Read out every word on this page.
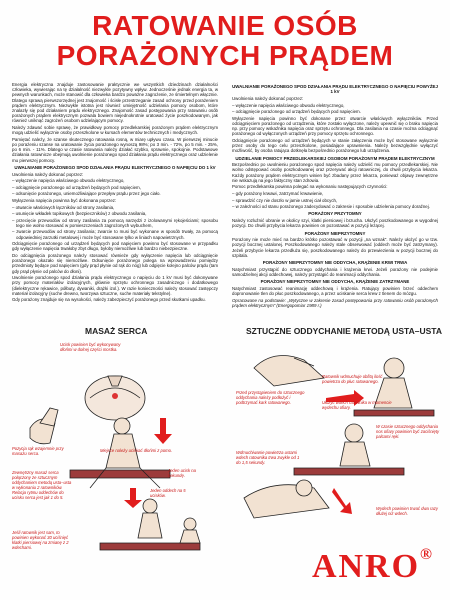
RATOWANIE OSÓB
PORAŻONYCH PRĄDEM

Energia elektryczna znajduje zastosowanie praktycznie we wszystkich dziedzinach działalności człowieka, wywierając na tę działalność niezwykle pozytywny wpływ. Jednocześnie jednak energia ta, w pewnych warunkach, może stanowić dla człowieka bardzo poważne zagrożenie, ze śmiertelnym włącznie. Dlatego sprawą pierwszorzędnej jest znajomość i ścisłe przestrzeganie zasad ochrony przed porażeniem prądem elektrycznym. Niezwykle istotna jest również umiejętność udzielania pomocy osobom, które znalazły się pod działaniem prądu elektrycznego. Znajomość zasad postępowania przy ratowaniu osób porażonych prądem elektrycznym pozwala bowiem niejednokrotnie uratować życie poszkodowanym, jak również uniknąć zagrożeń osobom udzielającym pomocy.

Należy zdawać sobie sprawę, że prawidłowy pomocy przedlekarskiej porażonym prądem elektrycznym mogą udzielić wyłącznie osoby przeszkolone w kursach elementów technicznych i medycznych.

Pamiętać należy, że szanse skutecznego ratowania rosną, w miarę upływu czasu. W pierwszej minucie po porażeniu szanse na uratowanie życia porażonego wynoszą 98%; po 3 min. - 72%, po 5 min. - 25%, po 6 min. - 11%. Dlatego w czasie ratowania należy działać szybko, sprawnie, spokojnie. Podstawowe działania ratownicze obejmują uwolnienie porażonego spod działania prądu elektrycznego oraz udzielenie mu pierwszej pomocy.

UWALNIANIE PORAŻONEGO SPOD DZIAŁANIA PRĄDU ELEKTRYCZNEGO O NAPIĘCIU DO 1 kV

Uwolnienia należy dokonać poprzez:

– wyłączenie napięcia właściwego obwodu elektrycznego,

– odciągnięcie porażonego od urządzeń będących pod napięciem,

– odsunięcie porażonego, uniemożliwiające przepływ prądu przez jego ciało.

Wyłączenia napięcia powinna być dokonana poprzez:

– otwarcie właściwych łączników od strony zasilania,

– usunięcie wkładek topikowych (bezpieczników) z obwodu zasilania,

– przecięcie przewodów od strony zasilania za pomocą narzędzi z izolowanymi rękojeściami; sposobu tego nie wolno stosować w pomieszczeniach zagrożonych wybuchem,

– zwarcie przewodów od strony zasilania; zwarcie to musi być wykonane w sposób trwały, za pomocą odpowiedniej zarzutki metalowej i może być stosowane tylko w liniach napowietrznych.

Odciągnięcie porażonego od urządzeń będących pod napięciem powinno być stosowane w przypadku gdy wyłączenie napięcia trwałoby zbyt długo, byłoby niemożliwe lub bardzo niebezpieczne.

Do odciągnięcia porażonego należy stosować równieże gdy wyłączenie napięcia lub odciągnięcie porażonego okazało się niemożliwe. Odsunięcie porażonego polega na wprowadzeniu pomiędzy przedmioty będące pod napięciem (gdy prąd płynie od rąk do nóg) lub odgięcie kolejno palców prądu (tam gdy prąd płynie od palców do dłoni).

Uwolnienie porażonego spod działania prądu elektrycznego o napięciu do 1 kV musi być dokonywane przy pomocy materiałów izolacyjnych, głównie sprzętu ochronnego zasadniczego i dodatkowego (dielektryczne rękawice, półbuty, dywaniki, drążki izol.). W razie konieczności należy stosować zastępczy materiał izolacyjny (suche drewno, tworzywa sztuczne, suche materiały tekstylne).

Gdy porażony znajduje się na wysokości, należy zabezpieczyć porażonego przed skutkami upadku.

UWALNIANIE PORAŻONEGO SPOD DZIAŁANIA PRĄDU ELEKTRYCZNEGO O NAPIĘCIU POWYŻEJ 1 kV

Uwolnienia należy dokonać poprzez:

– wyłączenie napięcia właściwego obwodu elektrycznego,

– odciągnięcie porażonego od urządzeń będących pod napięciem.

Wyłączenie napięcia powinno być dokonane przez otwarcie właściwych wyłączników. Przed odciągnięciem porażonego od urządzenia, które zostało wyłączone, należy upewnić się o braku napięcia np. przy pomocy wskaźnika napięcia oraz sprzętu ochronnego. Dla zasilania na czasie można odciągnąć porażonego od wyłączonych urządzeń przy pomocy sprzętu ochronnego.

Odciągnięcie porażonego od urządzeń będących w stanie załączenia może być stosowane wyłącznie przez osoby do tego celu przeszkolone, posiadające uprawnienia. Należy bezwzględnie wyłączyć możliwość, by osoba ratująca dotknęła bezpośrednio porażonego lub urządzenia.

UDZIELANIE POMOCY PRZEDLEKARSKIEJ OSOBOM PORAŻONYM PRĄDEM ELEKTRYCZNYM

Bezpośrednio po uwolnieniu porażonego spod napięcia należy udzielić mu pomocy przedlekarskiej. Nie wolno odstępować osoby poszkodowanej oraz przerywać akcji ratowniczej, do chwili przybycia lekarza. Każdy porażony prądem elektrycznym winien być zbadany przez lekarza, ponieważ objawy zewnętrzne nie wskazują na jego faktyczny stan zdrowia.

Pomoc przedlekarska powinna polegać na wykonaniu następujących czynności:

– gdy porażony krwawi, zatrzymać krwawienie,

– sprawdzić czy nie doszło w jamie ustnej ciał obcych,

– w zależności od stanu porażonego zadecydować o zakresie i sposobie udzielenia pomocy doraźnej.

PORAŻONY PRZYTOMNY

Należy rozluźnić ubranie w okolicy szyi, klatki piersiowej i brzucha. Ułożyć poszkodowanego w wygodnej pozycji. Do chwili przybycia lekarza powinien on pozostawać w pozycji leżącej.

PORAŻONY NIEPRZYTOMNY

Porażony nie może mieć na bardzo krótko pozostawać w pozycji „na wznak”. Należy ułożyć go w tzw. pozycji bocznej ustalonej. Poszkodowanego należy stale obserwować (oddech może być zatrzymany). Jeżeli przybycie lekarza przedłuża się, poszkodowanego należy do przewiezienia w pozycji bocznej do szpitala.

PORAŻONY NIEPRZYTOMNY NIE ODDYCHA, KRĄŻENIE KRWI TRWA

Natychmiast przystąpić do sztucznego oddychania i krążenia krwi. Jeżeli porażony nie podejmie samodzielnej akcji oddechowej, należy przystąpić do reanimacji oddychania.

PORAŻONY NIEPRZYTOMNY NIE ODDYCHA, KRĄŻENIE ZATRZYMANE

Natychmiast zastosować reanimację oddechową i krążenia. Ratujący powinien brzeć oddechem dopronowanie tlen do płuc poszkodowanego, a przez uciskanie serca krew z tlenem do mózgu.

Opracowane na podstawie: „Wytyczne w zakresie zasad postępowania przy ratowaniu osób porażonych prądem elektrycznym” (Energopomiar 1989 r.)

MASAŻ SERCA	SZTUCZNE ODDYCHANIE METODĄ USTA–USTA
Ucisk powinien być wykonywany dłońmi w dolnej części mostka.
Pozycja rąk wzajemnie przy masażu serca.
Miejsce należy uciskać dłońmi z pomo.
Jeden ucisk na sekundę.
Zewnętrzny masaż serca połączony ze sztucznym oddychaniem metodą usta–usta w wykonaniu 2 ratowników. Relacja rytmu oddechów do ucisku serca jest jak 1 do 5.
Jeden oddech na 5 ucisków.
Jeśli ratownik jest sam, to powinien wykonać 30 uciśnięć klatki piersiowej na zmianę z 2 wdechami.
Przed przystąpieniem do sztucznego oddychania należy podłożyć i podtrzymać kark ratowanego.
Ratownik wdmuchuje obfitą ilość powietrza do płuc ratowanego.
Ułożyć wdech ratownika w momencie wydechu ofiary.
Wdmuchiwanie powietrza ustami wdech ratownika trwa zwykle od 1 do 1,5 sekundy.
W czasie sztucznego oddychania nos ofiary powinien być zaciśnięty palcami ręki.
Wydech powinien trwać dwa razy dłużej niż wdech.
ANRO®
